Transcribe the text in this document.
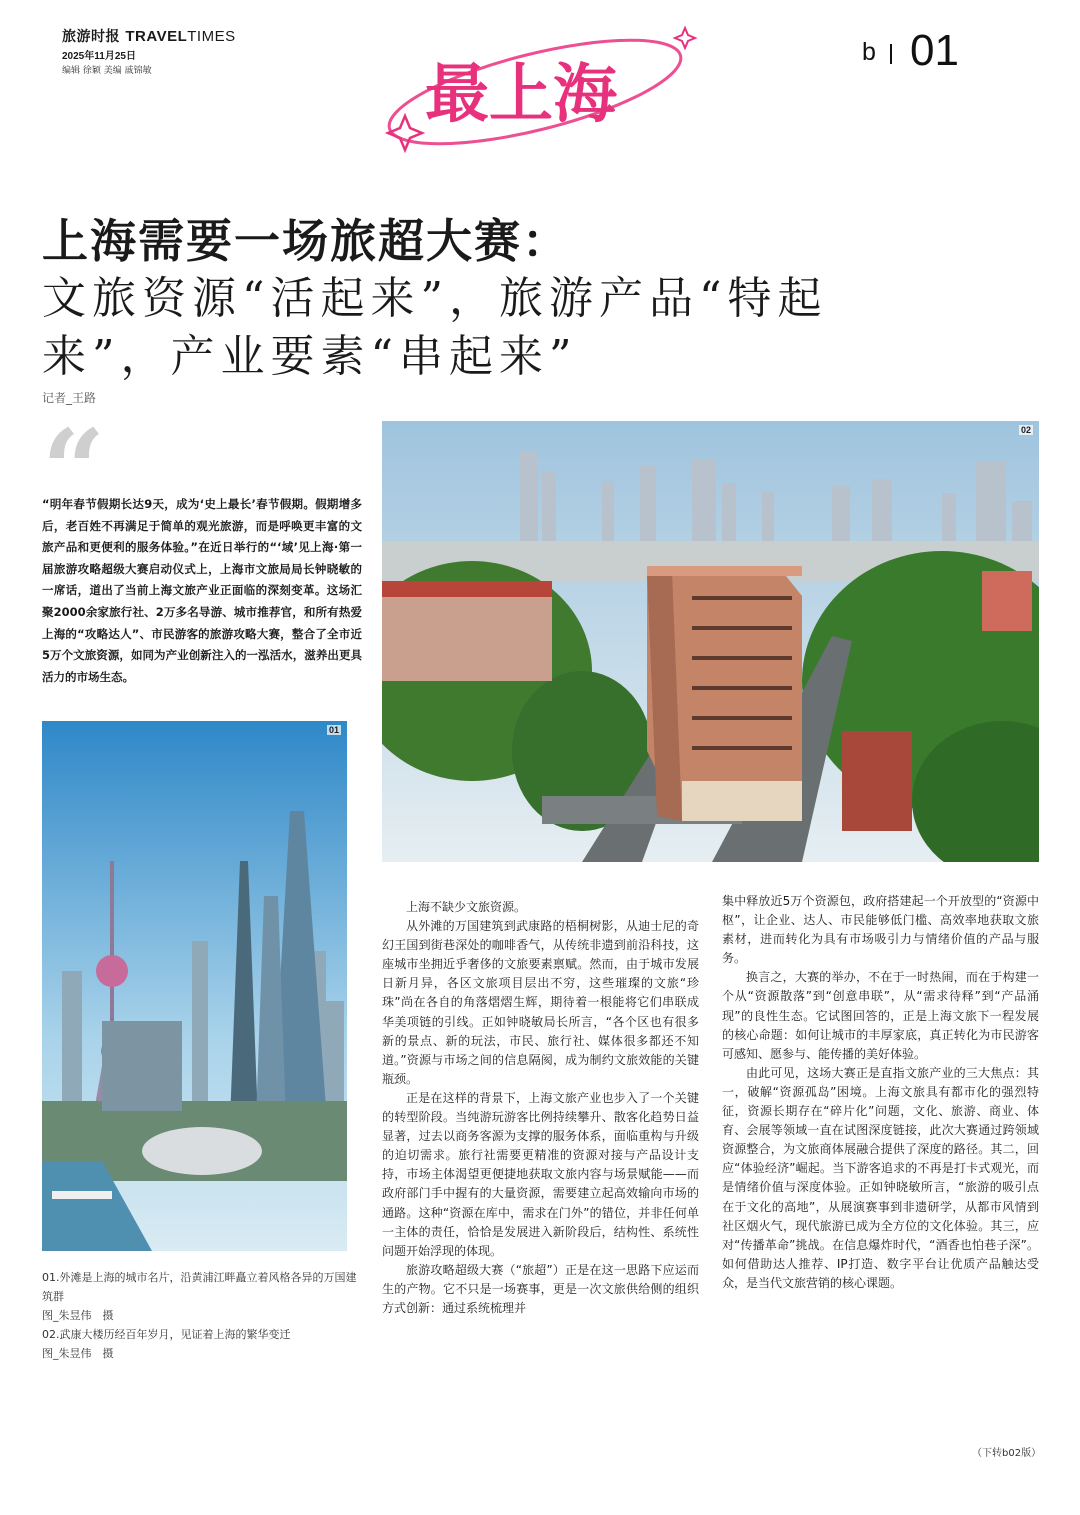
旅游时报 TRAVELTIMES
2025年11月25日
编辑 徐颖 美编 戚锦敏
b 01
最上海
上海需要一场旅超大赛：
文旅资源“活起来”，旅游产品“特起
来”，产业要素“串起来”
记者_王路
“
“明年春节假期长达9天，成为‘史上最长’春节假期。假期增多后，老百姓不再满足于简单的观光旅游，而是呼唤更丰富的文旅产品和更便利的服务体验。”在近日举行的“‘域’见上海·第一届旅游攻略超级大赛启动仪式上，上海市文旅局局长钟晓敏的一席话，道出了当前上海文旅产业正面临的深刻变革。这场汇聚2000余家旅行社、2万多名导游、城市推荐官，和所有热爱上海的“攻略达人”、市民游客的旅游攻略大赛，整合了全市近5万个文旅资源，如同为产业创新注入的一泓活水，滋养出更具活力的市场生态。
02
01
01.外滩是上海的城市名片，沿黄浦江畔矗立着风格各异的万国建筑群
图_朱昱伟　摄
02.武康大楼历经百年岁月，见证着上海的繁华变迁
图_朱昱伟　摄

上海不缺少文旅资源。

从外滩的万国建筑到武康路的梧桐树影，从迪士尼的奇幻王国到街巷深处的咖啡香气，从传统非遗到前沿科技，这座城市坐拥近乎奢侈的文旅要素禀赋。然而，由于城市发展日新月异，各区文旅项目层出不穷，这些璀璨的文旅“珍珠”尚在各自的角落熠熠生辉，期待着一根能将它们串联成华美项链的引线。正如钟晓敏局长所言，“各个区也有很多新的景点、新的玩法，市民、旅行社、媒体很多都还不知道。”资源与市场之间的信息隔阂，成为制约文旅效能的关键瓶颈。

正是在这样的背景下，上海文旅产业也步入了一个关键的转型阶段。当纯游玩游客比例持续攀升、散客化趋势日益显著，过去以商务客源为支撑的服务体系，面临重构与升级的迫切需求。旅行社需要更精准的资源对接与产品设计支持，市场主体渴望更便捷地获取文旅内容与场景赋能——而政府部门手中握有的大量资源，需要建立起高效输向市场的通路。这种“资源在库中，需求在门外”的错位，并非任何单一主体的责任，恰恰是发展进入新阶段后，结构性、系统性问题开始浮现的体现。

旅游攻略超级大赛（“旅超”）正是在这一思路下应运而生的产物。它不只是一场赛事，更是一次文旅供给侧的组织方式创新：通过系统梳理并

集中释放近5万个资源包，政府搭建起一个开放型的“资源中枢”，让企业、达人、市民能够低门槛、高效率地获取文旅素材，进而转化为具有市场吸引力与情绪价值的产品与服务。

换言之，大赛的举办，不在于一时热闹，而在于构建一个从“资源散落”到“创意串联”，从“需求待释”到“产品涌现”的良性生态。它试图回答的，正是上海文旅下一程发展的核心命题：如何让城市的丰厚家底，真正转化为市民游客可感知、愿参与、能传播的美好体验。

由此可见，这场大赛正是直指文旅产业的三大焦点：其一，破解“资源孤岛”困境。上海文旅具有都市化的强烈特征，资源长期存在“碎片化”问题，文化、旅游、商业、体育、会展等领域一直在试图深度链接，此次大赛通过跨领域资源整合，为文旅商体展融合提供了深度的路径。其二，回应“体验经济”崛起。当下游客追求的不再是打卡式观光，而是情绪价值与深度体验。正如钟晓敏所言，“旅游的吸引点在于文化的高地”，从展演赛事到非遗研学，从都市风情到社区烟火气，现代旅游已成为全方位的文化体验。其三，应对“传播革命”挑战。在信息爆炸时代，“酒香也怕巷子深”。如何借助达人推荐、IP打造、数字平台让优质产品触达受众，是当代文旅营销的核心课题。

（下转b02版）
